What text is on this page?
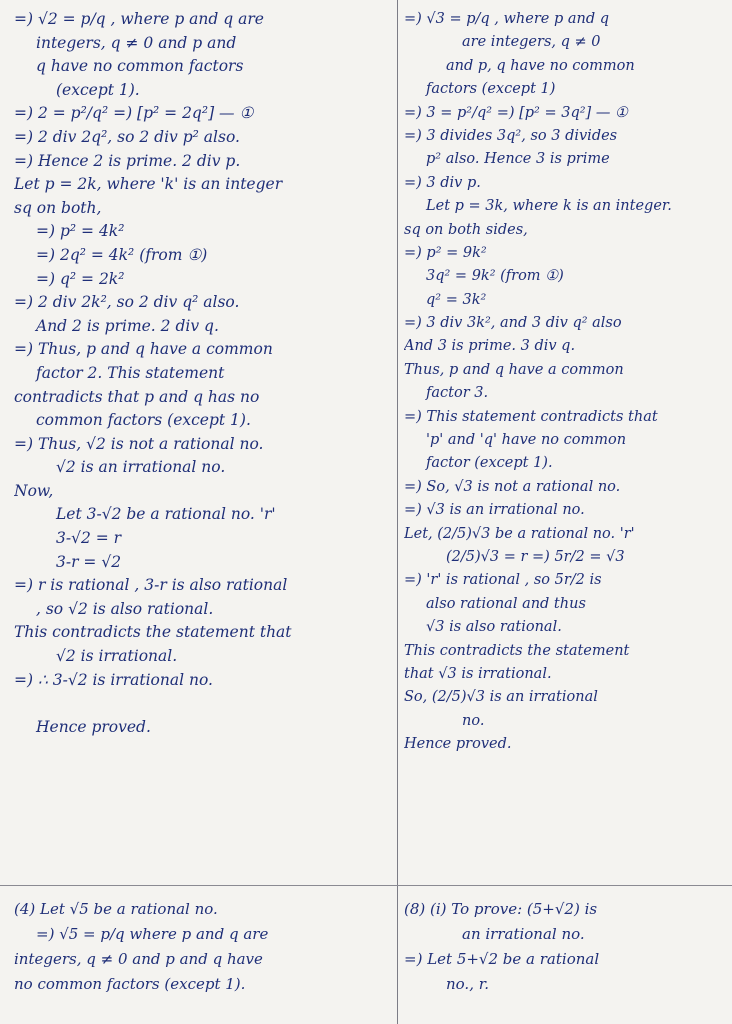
=) √2 = p/q , where p and q are
integers, q ≠ 0 and p and
q have no common factors
(except 1).
=) 2 = p²/q² =) [p² = 2q²] — ①
=) 2 div 2q², so 2 div p² also.
=) Hence 2 is prime. 2 div p.
Let p = 2k, where 'k' is an integer
sq on both,
=) p² = 4k²
=) 2q² = 4k² (from ①)
=) q² = 2k²
=) 2 div 2k², so 2 div q² also.
And 2 is prime. 2 div q.
=) Thus, p and q have a common
factor 2. This statement
contradicts that p and q has no
common factors (except 1).
=) Thus, √2 is not a rational no.
√2 is an irrational no.
Now,
Let 3-√2 be a rational no. 'r'
3-√2 = r
3-r = √2
=) r is rational , 3-r is also rational
, so √2 is also rational.
This contradicts the statement that
√2 is irrational.
=) ∴ 3-√2 is irrational no.
Hence proved.
=) √3 = p/q , where p and q
are integers, q ≠ 0
and p, q have no common
factors (except 1)
=) 3 = p²/q² =) [p² = 3q²] — ①
=) 3 divides 3q², so 3 divides
p² also. Hence 3 is prime
=) 3 div p.
Let p = 3k, where k is an integer.
sq on both sides,
=) p² = 9k²
3q² = 9k² (from ①)
q² = 3k²
=) 3 div 3k², and 3 div q² also
And 3 is prime. 3 div q.
Thus, p and q have a common
factor 3.
=) This statement contradicts that
'p' and 'q' have no common
factor (except 1).
=) So, √3 is not a rational no.
=) √3 is an irrational no.
Let, (2/5)√3 be a rational no. 'r'
(2/5)√3 = r =) 5r/2 = √3
=) 'r' is rational , so 5r/2 is
also rational and thus
√3 is also rational.
This contradicts the statement
that √3 is irrational.
So, (2/5)√3 is an irrational
no.
Hence proved.
(4) Let √5 be a rational no.
=) √5 = p/q where p and q are
integers, q ≠ 0 and p and q have
no common factors (except 1).
(8) (i) To prove: (5+√2) is
an irrational no.
=) Let 5+√2 be a rational
no., r.
